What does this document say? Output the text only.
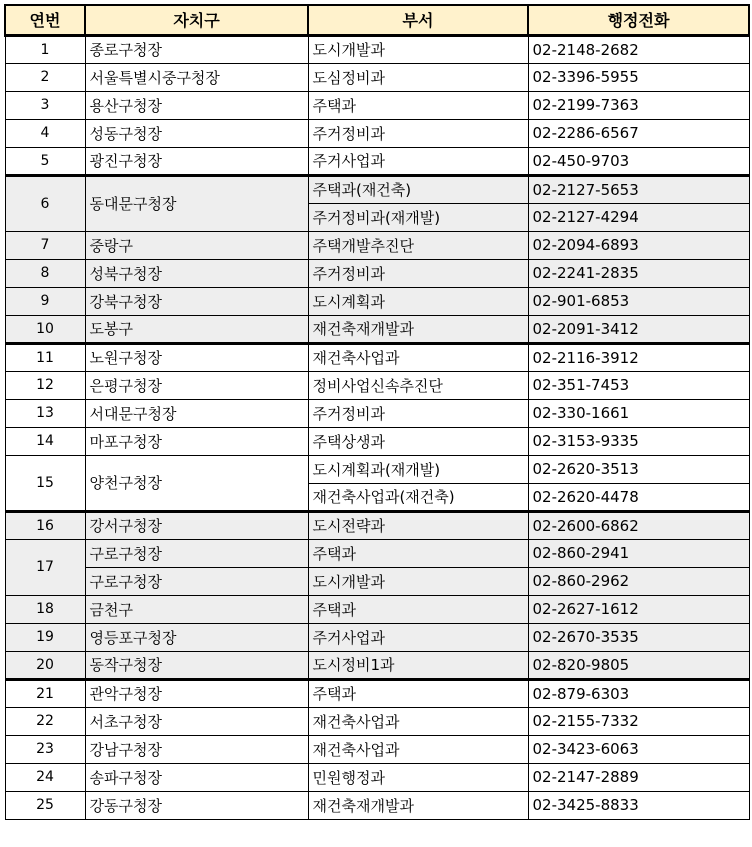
연번	자치구	부서	행정전화
1	종로구청장	도시개발과	02-2148-2682
2	서울특별시중구청장	도심정비과	02-3396-5955
3	용산구청장	주택과	02-2199-7363
4	성동구청장	주거정비과	02-2286-6567
5	광진구청장	주거사업과	02-450-9703
6	동대문구청장	주택과(재건축)	02-2127-5653
		주거정비과(재개발)	02-2127-4294
7	중랑구	주택개발추진단	02-2094-6893
8	성북구청장	주거정비과	02-2241-2835
9	강북구청장	도시계획과	02-901-6853
10	도봉구	재건축재개발과	02-2091-3412
11	노원구청장	재건축사업과	02-2116-3912
12	은평구청장	정비사업신속추진단	02-351-7453
13	서대문구청장	주거정비과	02-330-1661
14	마포구청장	주택상생과	02-3153-9335
15	양천구청장	도시계획과(재개발)	02-2620-3513
		재건축사업과(재건축)	02-2620-4478
16	강서구청장	도시전략과	02-2600-6862
17	구로구청장	주택과	02-860-2941
	구로구청장	도시개발과	02-860-2962
18	금천구	주택과	02-2627-1612
19	영등포구청장	주거사업과	02-2670-3535
20	동작구청장	도시정비1과	02-820-9805
21	관악구청장	주택과	02-879-6303
22	서초구청장	재건축사업과	02-2155-7332
23	강남구청장	재건축사업과	02-3423-6063
24	송파구청장	민원행정과	02-2147-2889
25	강동구청장	재건축재개발과	02-3425-8833
